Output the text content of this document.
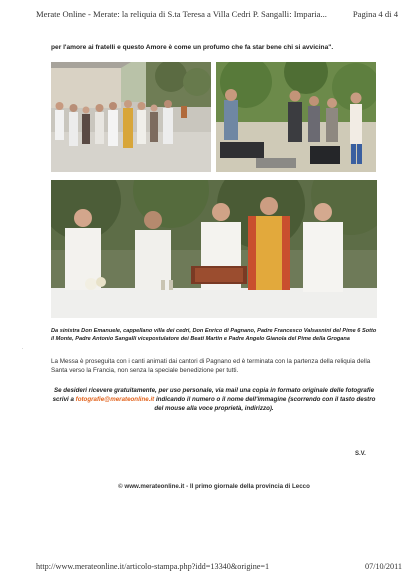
Merate Online - Merate: la reliquia di S.ta Teresa a Villa Cedri P. Sangalli: Imparia...	Pagina 4 di 4
per l'amore ai fratelli e questo Amore è come un profumo che fa star bene chi si avvicina".
Da sinistra Don Emanuele, cappellano villa dei cedri, Don Enrico di Pagnano, Padre Francesco Valsasnini del Pime 6 Sotto il Monte, Padre Antonio Sangalli vicepostulatore dei Beati Martin e Padre Angelo Gianola del Pime della Grogana
.
La Messa è proseguita con i canti animati dai cantori di Pagnano ed è terminata con la partenza della reliquia della Santa verso la Francia, non senza la speciale benedizione per tutti.
Se desideri ricevere gratuitamente, per uso personale, via mail una copia in formato originale delle fotografie scrivi a fotografie@merateonline.it indicando il numero o il nome dell'immagine (scorrendo con il tasto destro del mouse alla voce proprietà, indirizzo).
S.V.
© www.merateonline.it - Il primo giornale della provincia di Lecco
http://www.merateonline.it/articolo-stampa.php?idd=13340&origine=1	07/10/2011
